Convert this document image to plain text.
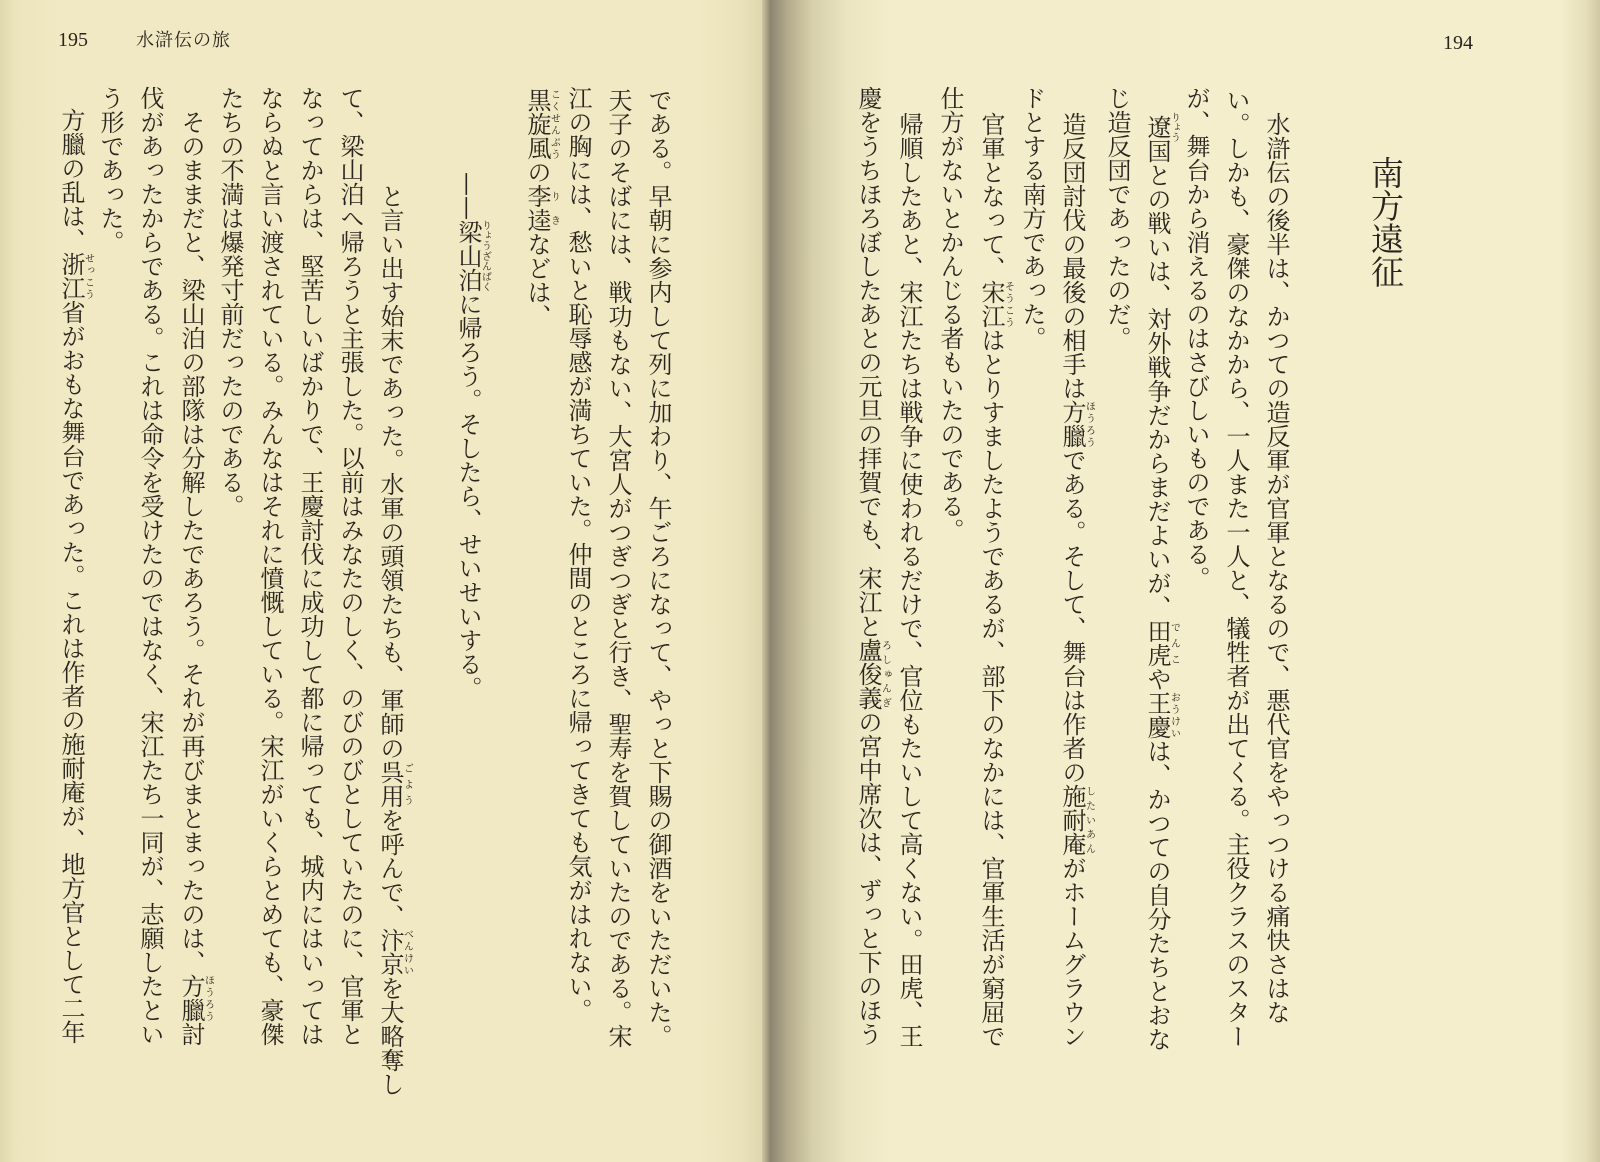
195	水滸伝の旅
である。早朝に参内して列に加わり、午ごろになって、やっと下賜の御酒をいただいた。
天子のそばには、戦功もない、大宮人がつぎつぎと行き、聖寿を賀していたのである。宋
江の胸には、愁いと恥辱感が満ちていた。仲間のところに帰ってきても気がはれない。
黒旋風こくせんぷうの李逵りきなどは、
——梁山泊りょうざんぱくに帰ろう。そしたら、せいせいする。
と言い出す始末であった。水軍の頭領たちも、軍師の呉用ごようを呼んで、汴京べんけいを大略奪し
て、梁山泊へ帰ろうと主張した。以前はみなたのしく、のびのびとしていたのに、官軍と
なってからは、堅苦しいばかりで、王慶討伐に成功して都に帰っても、城内にはいっては
ならぬと言い渡されている。みんなはそれに憤慨している。宋江がいくらとめても、豪傑
たちの不満は爆発寸前だったのである。
そのままだと、梁山泊の部隊は分解したであろう。それが再びまとまったのは、方臘ほうろう討
伐があったからである。これは命令を受けたのではなく、宋江たち一同が、志願したとい
う形であった。
方臘の乱は、浙江せっこう省がおもな舞台であった。これは作者の施耐庵が、地方官として二年
194
南方遠征
水滸伝の後半は、かつての造反軍が官軍となるので、悪代官をやっつける痛快さはな
い。しかも、豪傑のなかから、一人また一人と、犠牲者が出てくる。主役クラスのスター
が、舞台から消えるのはさびしいものである。
遼りょう国との戦いは、対外戦争だからまだよいが、田虎でんこや王慶おうけいは、かつての自分たちとおな
じ造反団であったのだ。
造反団討伐の最後の相手は方臘ほうろうである。そして、舞台は作者の施耐庵したいあんがホームグラウン
ドとする南方であった。
官軍となって、宋江そうこうはとりすましたようであるが、部下のなかには、官軍生活が窮屈で
仕方がないとかんじる者もいたのである。
帰順したあと、宋江たちは戦争に使われるだけで、官位もたいして高くない。田虎、王
慶をうちほろぼしたあとの元旦の拝賀でも、宋江と盧俊義ろしゅんぎの宮中席次は、ずっと下のほう
